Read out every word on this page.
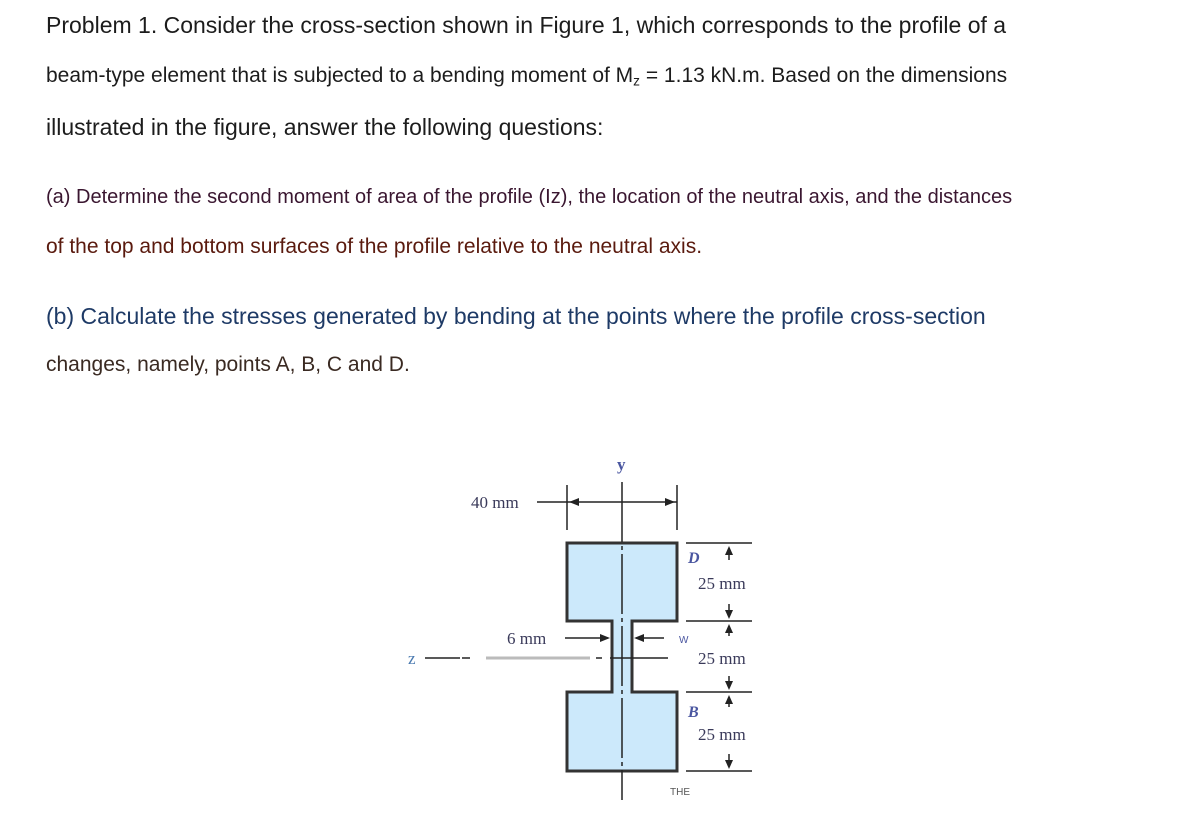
Problem 1. Consider the cross-section shown in Figure 1, which corresponds to the profile of a
beam-type element that is subjected to a bending moment of $M_z = 1.13$ kN.m. Based on the dimensions
illustrated in the figure, answer the following questions:
(a) Determine the second moment of area of the profile (Iz), the location of the neutral axis, and the distances
of the top and bottom surfaces of the profile relative to the neutral axis.
(b) Calculate the stresses generated by bending at the points where the profile cross-section
changes, namely, points A, B, C and D.
y
z
40 mm
6 mm	W
D
25 mm
25 mm
B
25 mm
THE
